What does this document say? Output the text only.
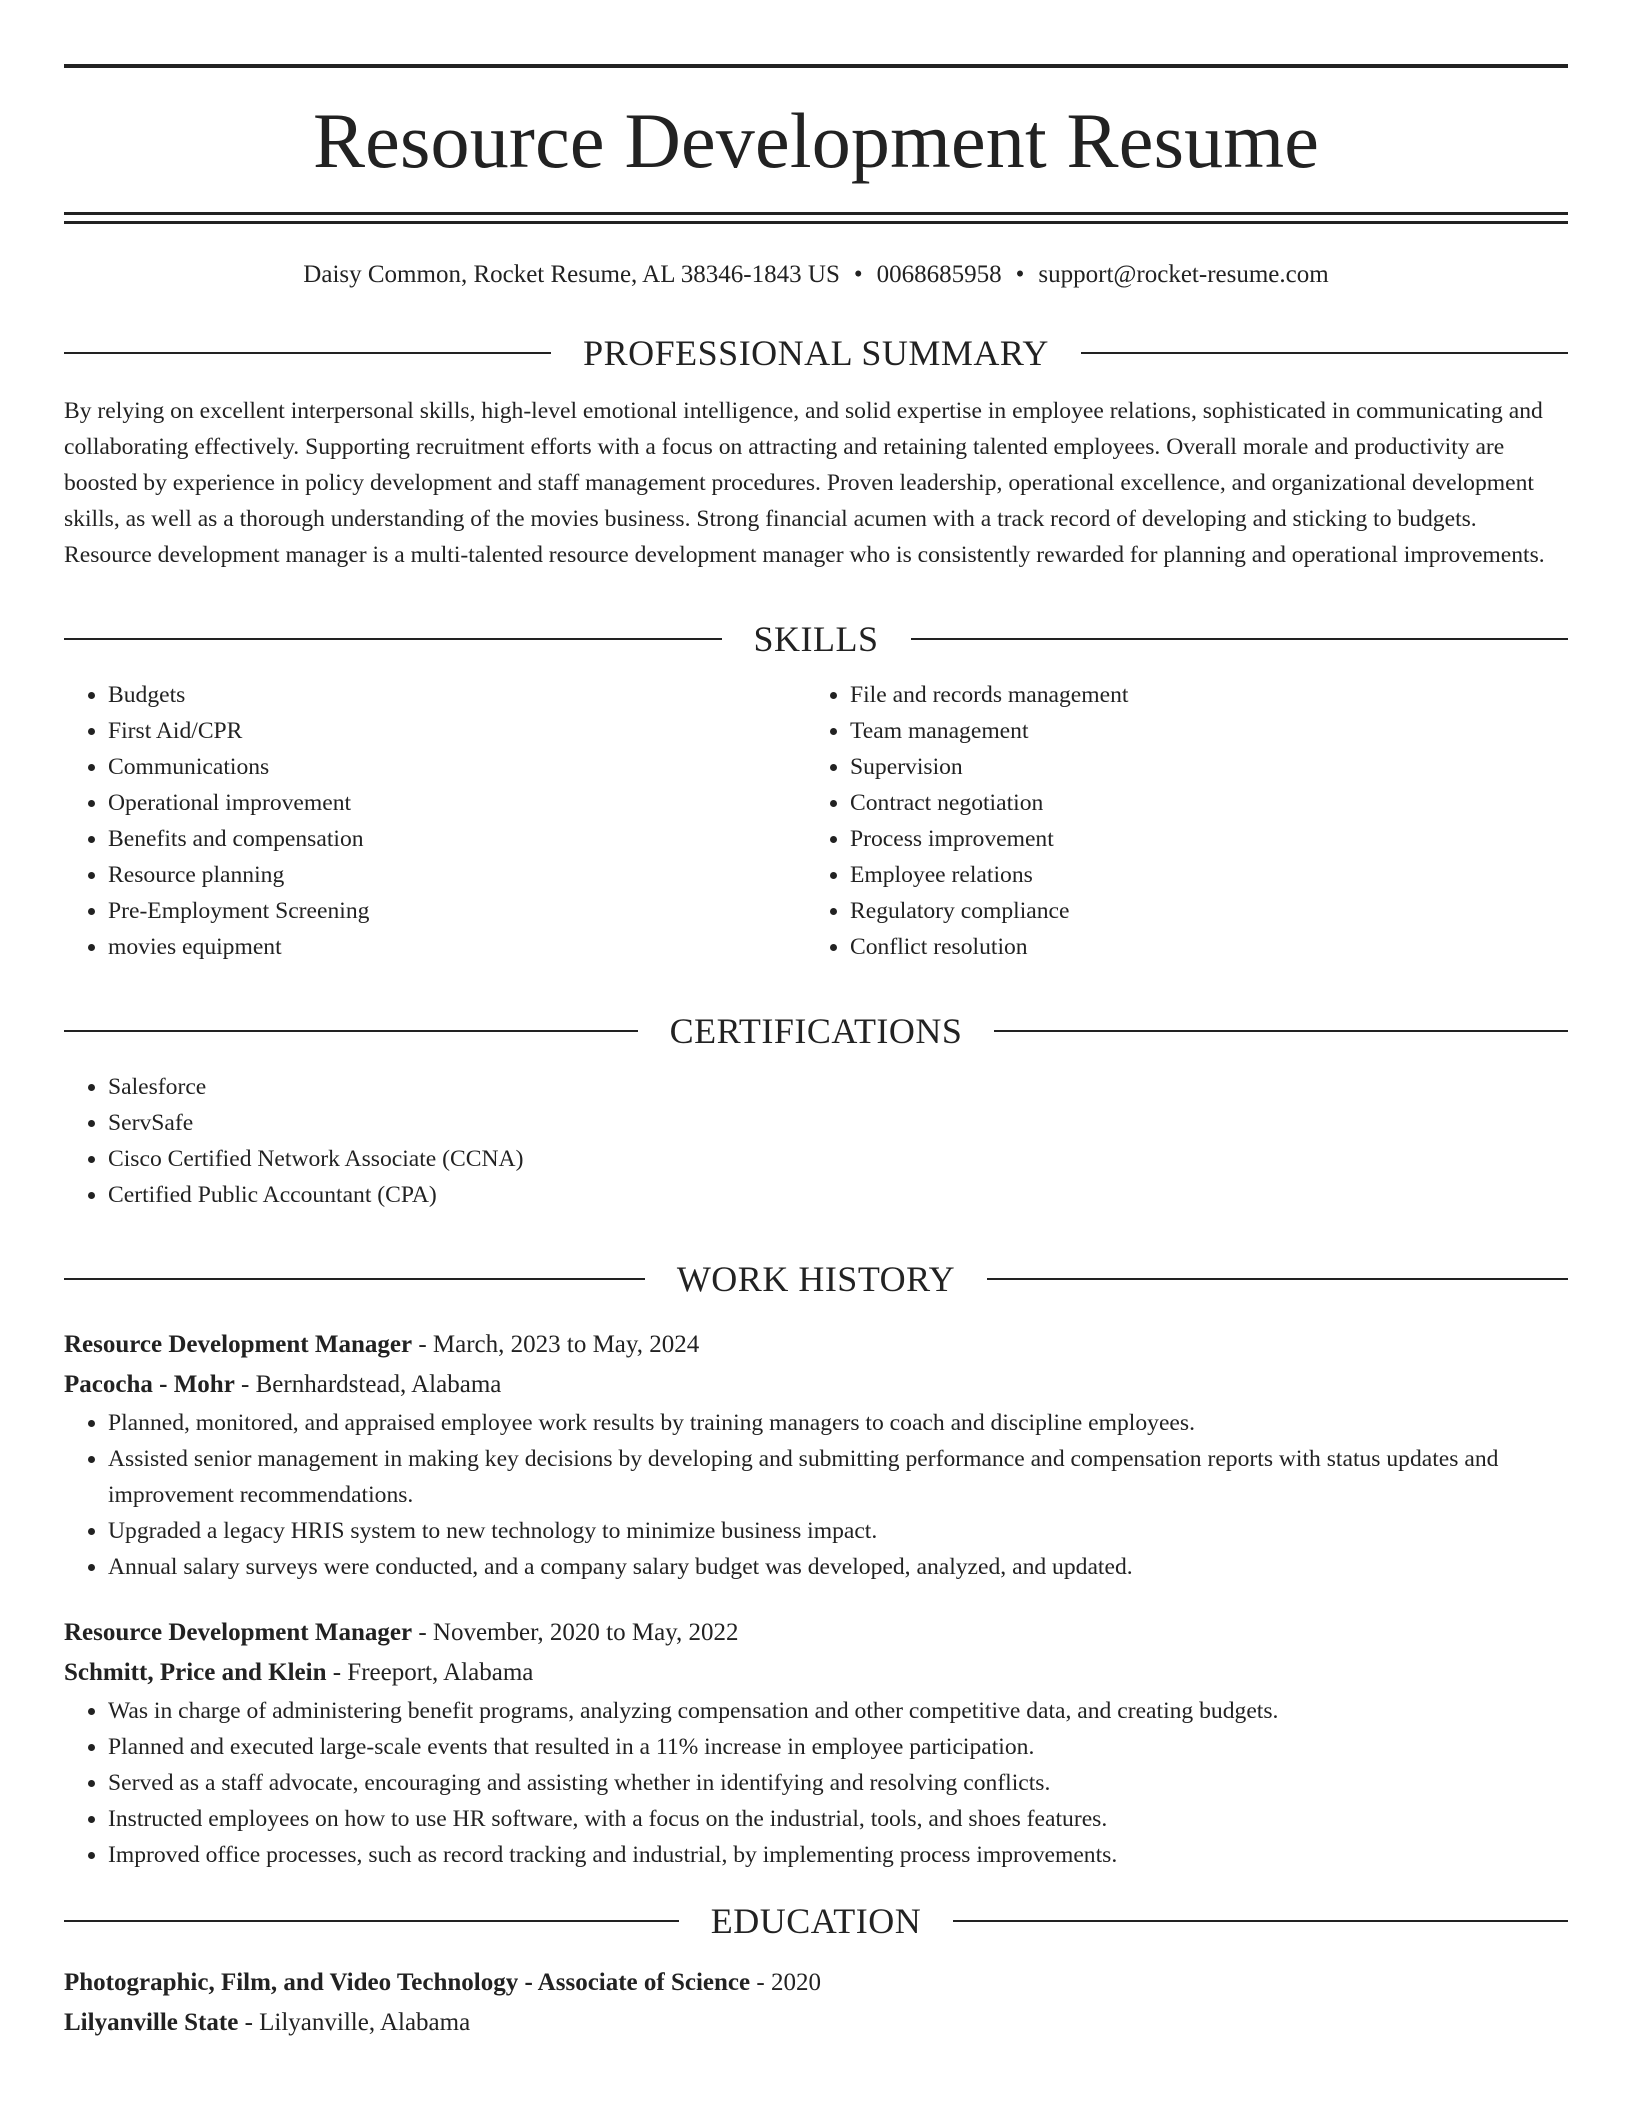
Resource Development Resume
Daisy Common, Rocket Resume, AL 38346-1843 US • 0068685958 • support@rocket-resume.com
PROFESSIONAL SUMMARY

By relying on excellent interpersonal skills, high-level emotional intelligence, and solid expertise in employee relations, sophisticated in communicating and collaborating effectively. Supporting recruitment efforts with a focus on attracting and retaining talented employees. Overall morale and productivity are boosted by experience in policy development and staff management procedures. Proven leadership, operational excellence, and organizational development skills, as well as a thorough understanding of the movies business. Strong financial acumen with a track record of developing and sticking to budgets. Resource development manager is a multi-talented resource development manager who is consistently rewarded for planning and operational improvements.

SKILLS
• Budgets
• First Aid/CPR
• Communications
• Operational improvement
• Benefits and compensation
• Resource planning
• Pre-Employment Screening
• movies equipment
• File and records management
• Team management
• Supervision
• Contract negotiation
• Process improvement
• Employee relations
• Regulatory compliance
• Conflict resolution
CERTIFICATIONS
• Salesforce
• ServSafe
• Cisco Certified Network Associate (CCNA)
• Certified Public Accountant (CPA)
WORK HISTORY
Resource Development Manager - March, 2023 to May, 2024
Pacocha - Mohr - Bernhardstead, Alabama
• Planned, monitored, and appraised employee work results by training managers to coach and discipline employees.
• Assisted senior management in making key decisions by developing and submitting performance and compensation reports with status updates and improvement recommendations.
• Upgraded a legacy HRIS system to new technology to minimize business impact.
• Annual salary surveys were conducted, and a company salary budget was developed, analyzed, and updated.
Resource Development Manager - November, 2020 to May, 2022
Schmitt, Price and Klein - Freeport, Alabama
• Was in charge of administering benefit programs, analyzing compensation and other competitive data, and creating budgets.
• Planned and executed large-scale events that resulted in a 11% increase in employee participation.
• Served as a staff advocate, encouraging and assisting whether in identifying and resolving conflicts.
• Instructed employees on how to use HR software, with a focus on the industrial, tools, and shoes features.
• Improved office processes, such as record tracking and industrial, by implementing process improvements.
EDUCATION
Photographic, Film, and Video Technology - Associate of Science - 2020
Lilyanville State - Lilyanville, Alabama
